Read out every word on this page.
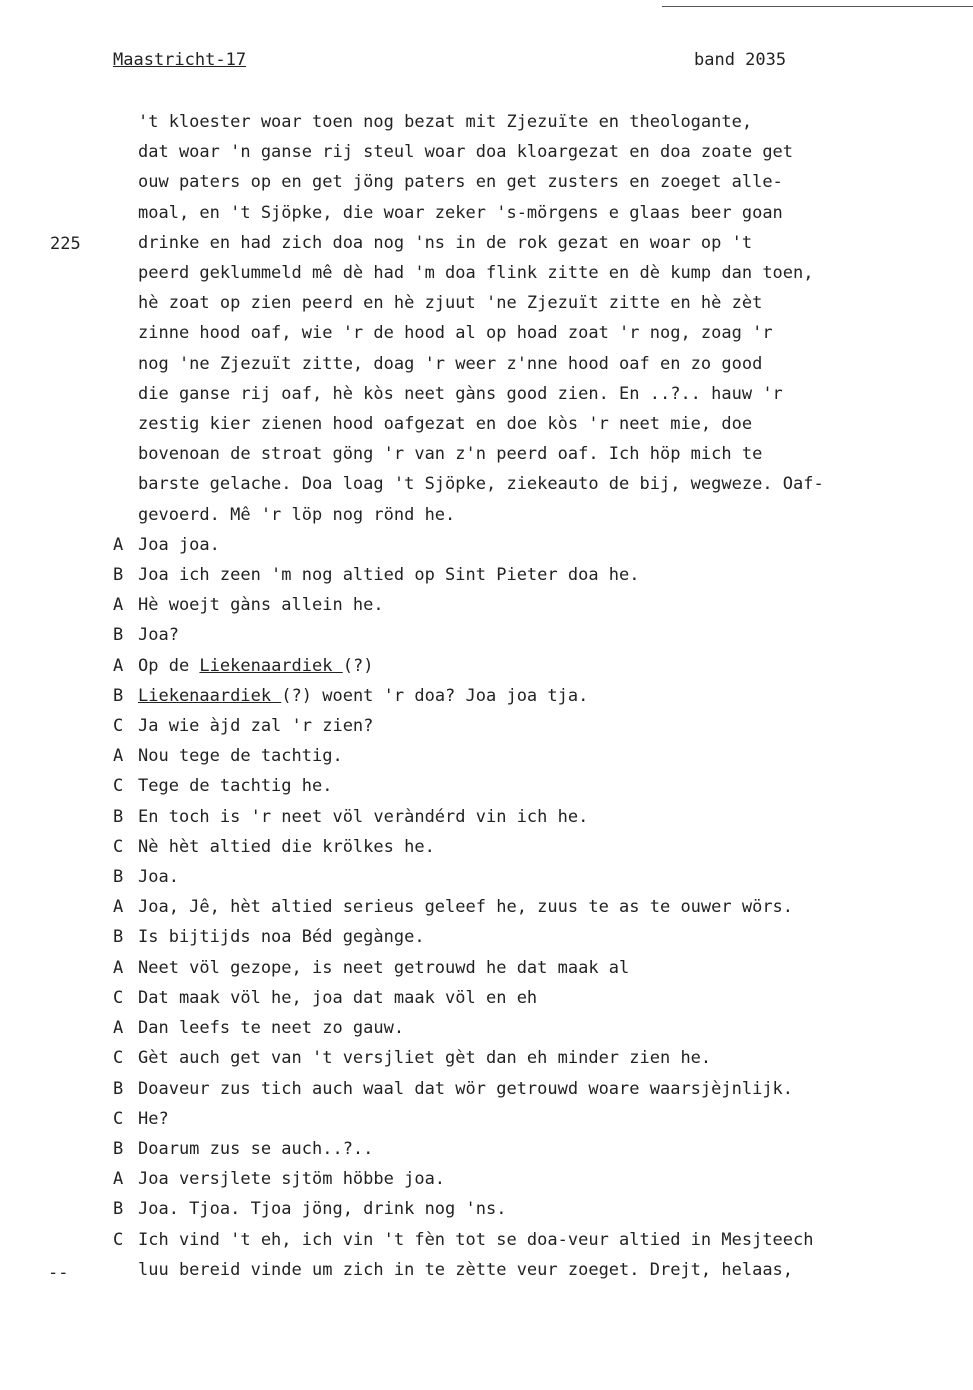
Maastricht-17	band 2035
225
--
't kloester woar toen nog bezat mit Zjezuïte en theologante,
dat woar 'n ganse rij steul woar doa kloargezat en doa zoate get
ouw paters op en get jöng paters en get zusters en zoeget alle-
moal, en 't Sjöpke, die woar zeker 's-mörgens e glaas beer goan
drinke en had zich doa nog 'ns in de rok gezat en woar op 't
peerd geklummeld mê dè had 'm doa flink zitte en dè kump dan toen,
hè zoat op zien peerd en hè zjuut 'ne Zjezuït zitte en hè zèt
zinne hood oaf, wie 'r de hood al op hoad zoat 'r nog, zoag 'r
nog 'ne Zjezuït zitte, doag 'r weer z'nne hood oaf en zo good
die ganse rij oaf, hè kòs neet gàns good zien. En ..?.. hauw 'r
zestig kier zienen hood oafgezat en doe kòs 'r neet mie, doe
bovenoan de stroat göng 'r van z'n peerd oaf. Ich höp mich te
barste gelache. Doa loag 't Sjöpke, ziekeauto de bij, wegweze. Oaf-
gevoerd. Mê 'r löp nog rönd he.
A Joa joa.
B Joa ich zeen 'm nog altied op Sint Pieter doa he.
A Hè woejt gàns allein he.
B Joa?
A Op de Liekenaardiek (?)
B Liekenaardiek (?) woent 'r doa? Joa joa tja.
C Ja wie àjd zal 'r zien?
A Nou tege de tachtig.
C Tege de tachtig he.
B En toch is 'r neet völ veràndérd vin ich he.
C Nè hèt altied die krölkes he.
B Joa.
A Joa, Jê, hèt altied serieus geleef he, zuus te as te ouwer wörs.
B Is bijtijds noa Béd gegànge.
A Neet völ gezope, is neet getrouwd he dat maak al
C Dat maak völ he, joa dat maak völ en eh
A Dan leefs te neet zo gauw.
C Gèt auch get van 't versjliet gèt dan eh minder zien he.
B Doaveur zus tich auch waal dat wör getrouwd woare waarsjèjnlijk.
C He?
B Doarum zus se auch..?..
A Joa versjlete sjtöm höbbe joa.
B Joa. Tjoa. Tjoa jöng, drink nog 'ns.
C Ich vind 't eh, ich vin 't fèn tot se doa-veur altied in Mesjteech
luu bereid vinde um zich in te zètte veur zoeget. Drejt, helaas,
